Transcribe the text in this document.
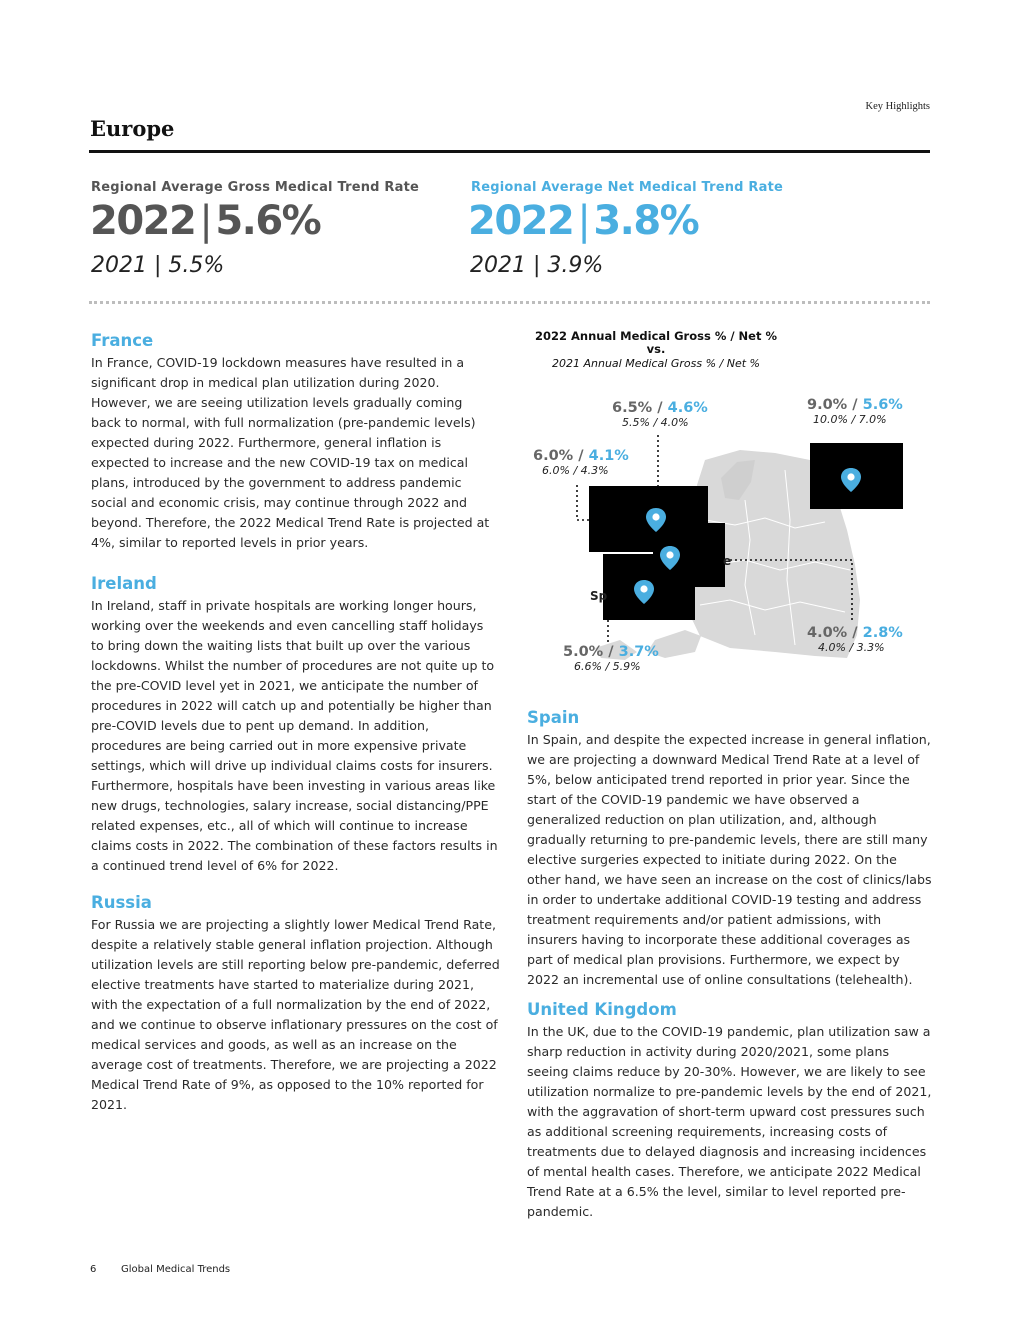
Key Highlights
Europe
Regional Average Gross Medical Trend Rate
2022 | 5.6%
2021 | 5.5%
Regional Average Net Medical Trend Rate
2022 | 3.8%
2021 | 3.9%
France

In France, COVID-19 lockdown measures have resulted in a significant drop in medical plan utilization during 2020. However, we are seeing utilization levels gradually coming back to normal, with full normalization (pre-pandemic levels) expected during 2022. Furthermore, general inflation is expected to increase and the new COVID-19 tax on medical plans, introduced by the government to address pandemic social and economic crisis, may continue through 2022 and beyond. Therefore, the 2022 Medical Trend Rate is projected at 4%, similar to reported levels in prior years.

Ireland

In Ireland, staff in private hospitals are working longer hours, working over the weekends and even cancelling staff holidays to bring down the waiting lists that built up over the various lockdowns. Whilst the number of procedures are not quite up to the pre-COVID level yet in 2021, we anticipate the number of procedures in 2022 will catch up and potentially be higher than pre-COVID levels due to pent up demand. In addition, procedures are being carried out in more expensive private settings, which will drive up individual claims costs for insurers. Furthermore, hospitals have been investing in various areas like new drugs, technologies, salary increase, social distancing/PPE related expenses, etc., all of which will continue to increase claims costs in 2022. The combination of these factors results in a continued trend level of 6% for 2022.

Russia

For Russia we are projecting a slightly lower Medical Trend Rate, despite a relatively stable general inflation projection. Although utilization levels are still reporting below pre-pandemic, deferred elective treatments have started to materialize during 2021, with the expectation of a full normalization by the end of 2022, and we continue to observe inflationary pressures on the cost of medical services and goods, as well as an increase on the average cost of treatments. Therefore, we are projecting a 2022 Medical Trend Rate of 9%, as opposed to the 10% reported for 2021.

2022 Annual Medical Gross % / Net %
vs.
2021 Annual Medical Gross % / Net %
e
Sp
6.5% / 4.6%
5.5% / 4.0%
9.0% / 5.6%
10.0% / 7.0%
6.0% / 4.1%
6.0% / 4.3%
5.0% / 3.7%
6.6% / 5.9%
4.0% / 2.8%
4.0% / 3.3%
Spain

In Spain, and despite the expected increase in general inflation, we are projecting a downward Medical Trend Rate at a level of 5%, below anticipated trend reported in prior year. Since the start of the COVID-19 pandemic we have observed a generalized reduction on plan utilization, and, although gradually returning to pre-pandemic levels, there are still many elective surgeries expected to initiate during 2022. On the other hand, we have seen an increase on the cost of clinics/labs in order to undertake additional COVID-19 testing and address treatment requirements and/or patient admissions, with insurers having to incorporate these additional coverages as part of medical plan provisions. Furthermore, we expect by 2022 an incremental use of online consultations (telehealth).

United Kingdom

In the UK, due to the COVID-19 pandemic, plan utilization saw a sharp reduction in activity during 2020/2021, some plans seeing claims reduce by 20-30%. However, we are likely to see utilization normalize to pre-pandemic levels by the end of 2021, with the aggravation of short-term upward cost pressures such as additional screening requirements, increasing costs of treatments due to delayed diagnosis and increasing incidences of mental health cases. Therefore, we anticipate 2022 Medical Trend Rate at a 6.5% the level, similar to level reported pre-pandemic.

6 Global Medical Trends
